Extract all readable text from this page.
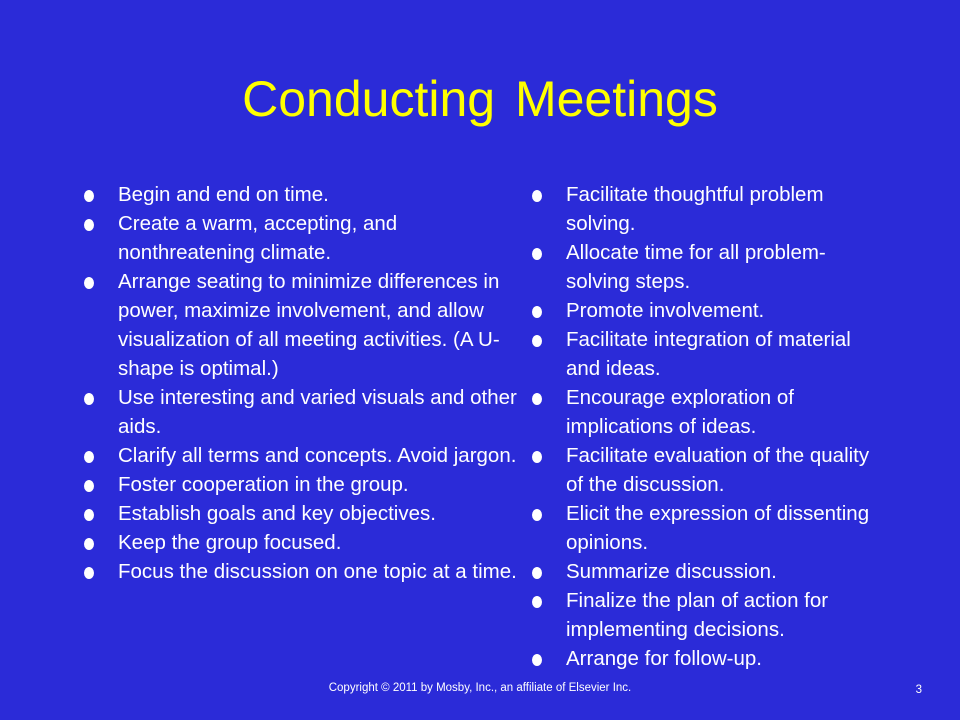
Conducting Meetings
Begin and end on time.
Create a warm, accepting, and nonthreatening climate.
Arrange seating to minimize differences in power, maximize involvement, and allow visualization of all meeting activities. (A U-shape is optimal.)
Use interesting and varied visuals and other aids.
Clarify all terms and concepts. Avoid jargon.
Foster cooperation in the group.
Establish goals and key objectives.
Keep the group focused.
Focus the discussion on one topic at a time.
Facilitate thoughtful problem solving.
Allocate time for all problem-solving steps.
Promote involvement.
Facilitate integration of material and ideas.
Encourage exploration of implications of ideas.
Facilitate evaluation of the quality of the discussion.
Elicit the expression of dissenting opinions.
Summarize discussion.
Finalize the plan of action for implementing decisions.
Arrange for follow-up.
Copyright © 2011 by Mosby, Inc., an affiliate of Elsevier Inc.	3
